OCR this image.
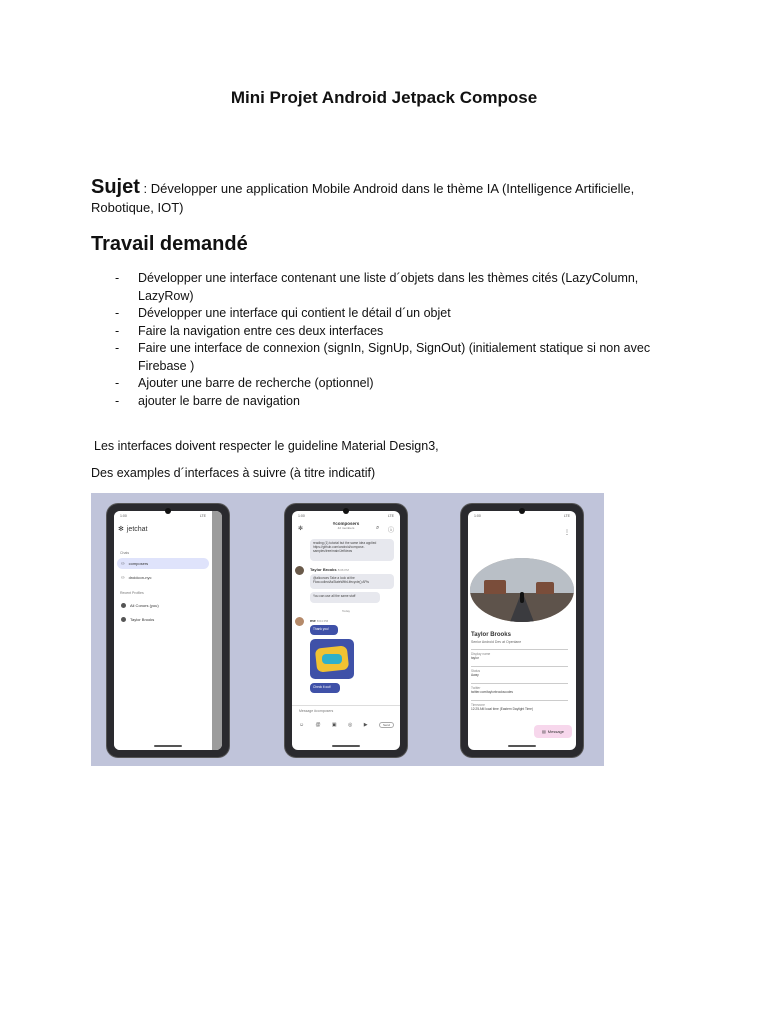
Mini Projet Android Jetpack Compose
Sujet : Développer une application Mobile Android dans le thème IA (Intelligence Artificielle, Robotique, IOT)
Travail demandé
- Développer une interface contenant une liste d´objets dans les thèmes cités (LazyColumn, LazyRow)
- Développer une interface qui contient le détail d´un objet
- Faire la navigation entre ces deux interfaces
- Faire une interface de connexion (signIn, SignUp, SignOut) (initialement statique si non avec Firebase )
- Ajouter une barre de recherche (optionnel)
- ajouter le barre de navigation
Les interfaces doivent respecter le guideline Material Design3,
Des examples d´interfaces à suivre (à titre indicatif)
1:00	LTE
✻ jetchat
Chats
⚇ composers
⚇ droidcon-nyc
Recent Profiles
Ali Conors (you)
Taylor Brooks
1:00	LTE
✻
#composers
42 members	⌕ ⓘ
reading (1) tutorial but the same idea applied https://github.com/android/compose-samples/tree/main/JetNews
Taylor Brooks 8:06 PM
@aliconors Take a look at the Flow.collectAsStateWithLifecycle() APIs
You can use all the same stuff
Today
me 8:04 PM
Thank you!
Check it out!
Message #composers
☺ @ ▣ ◎ ▶	Send
1:00	LTE
⋮
Taylor Brooks
Senior Android Dev at Openlane
Display name
taylor
Status
Away
Twitter
twitter.com/taylorbrookscodes
Timezone
12:25 AM local time (Eastern Daylight Time)
▤ Message
